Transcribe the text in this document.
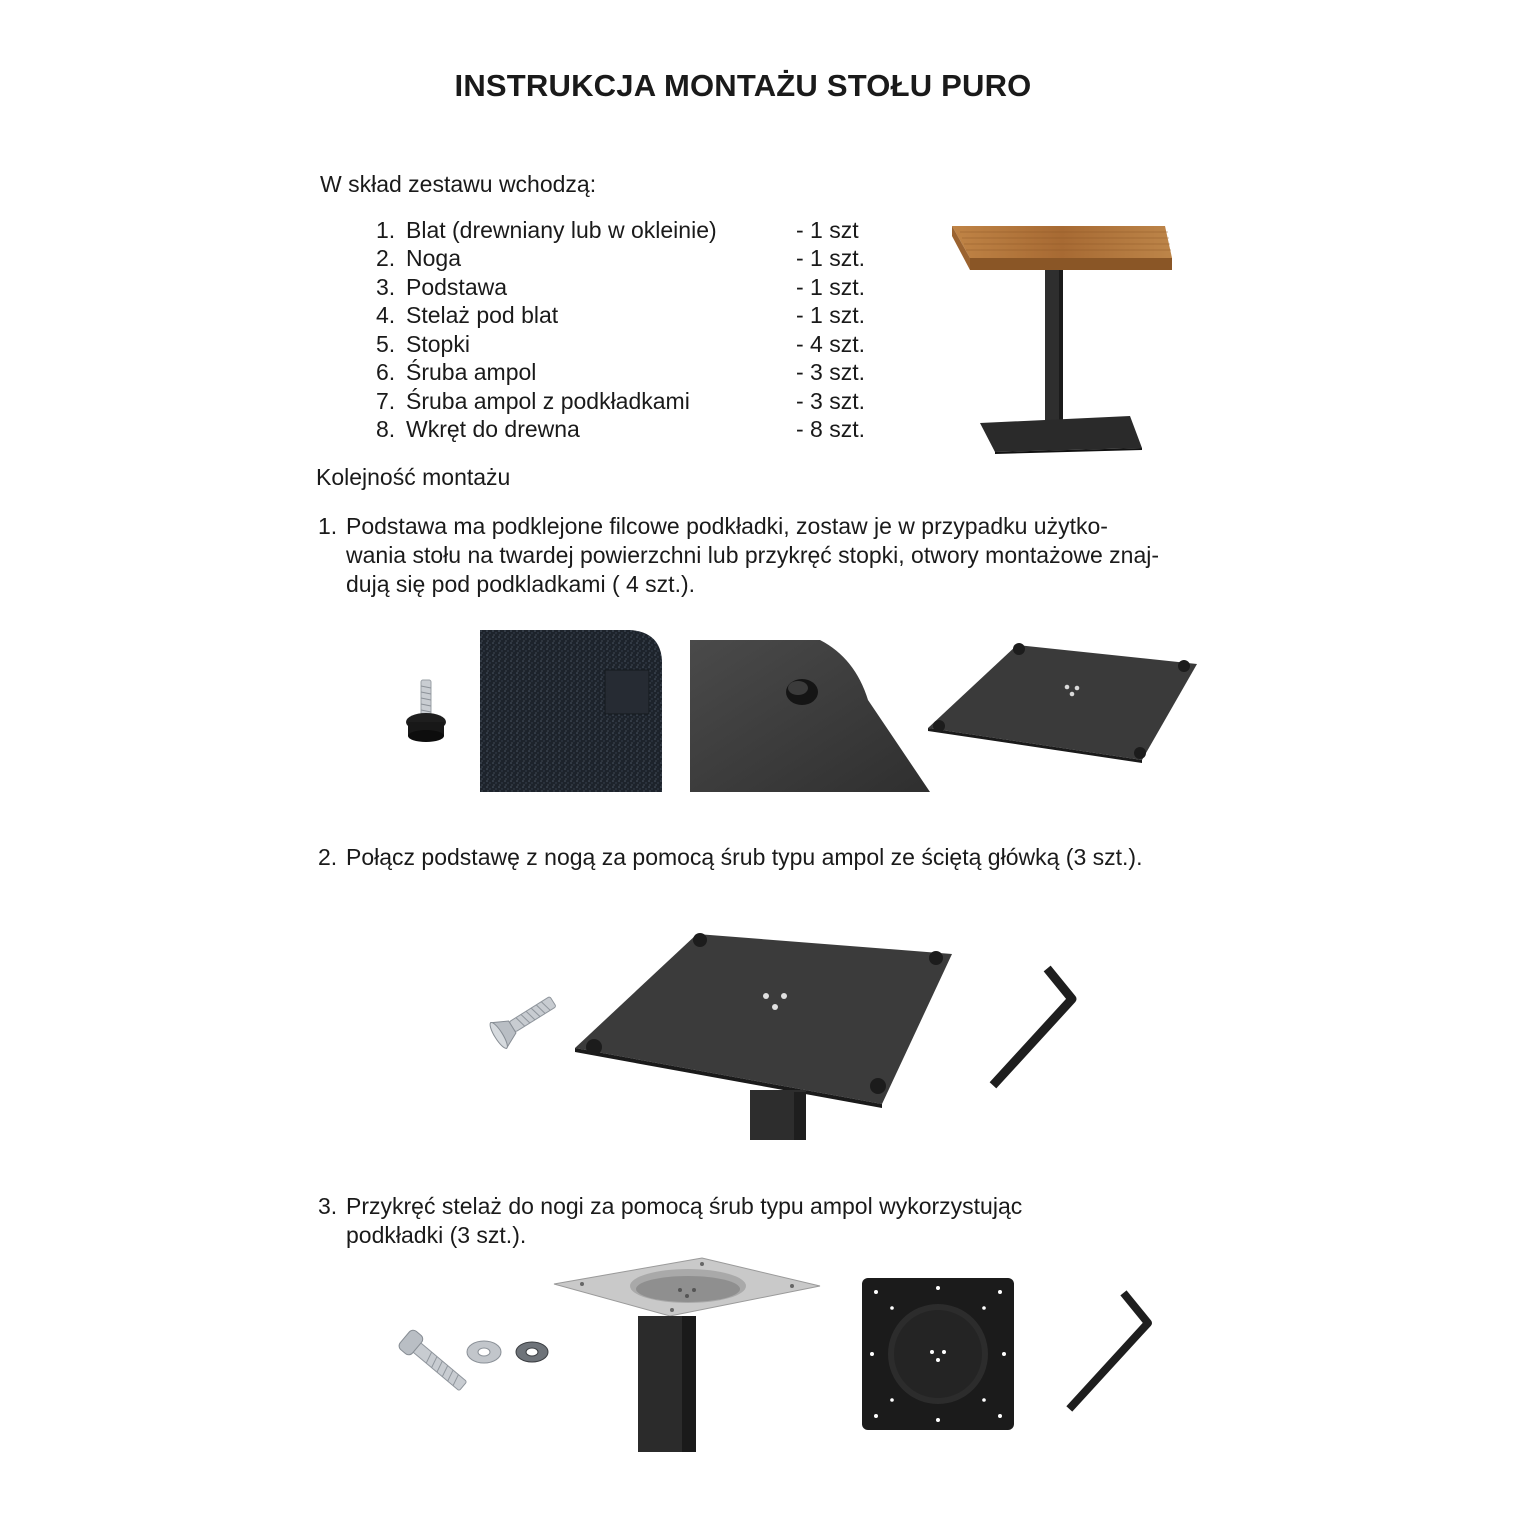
INSTRUKCJA MONTAŻU STOŁU PURO
W skład zestawu wchodzą:
1. Blat (drewniany lub w okleinie)	- 1 szt
2. Noga	- 1 szt.
3. Podstawa	- 1 szt.
4. Stelaż pod blat	- 1 szt.
5. Stopki	- 4 szt.
6. Śruba ampol	- 3 szt.
7. Śruba ampol z podkładkami	- 3 szt.
8. Wkręt do drewna	- 8 szt.
Kolejność montażu
1. Podstawa ma podklejone filcowe podkładki, zostaw je w przypadku użytko-
wania stołu na twardej powierzchni lub przykręć stopki, otwory montażowe znaj-
dują się pod podkladkami ( 4 szt.).
2. Połącz podstawę z nogą za pomocą śrub typu ampol ze ściętą główką (3 szt.).
3. Przykręć stelaż do nogi za pomocą śrub typu ampol wykorzystując
podkładki (3 szt.).
